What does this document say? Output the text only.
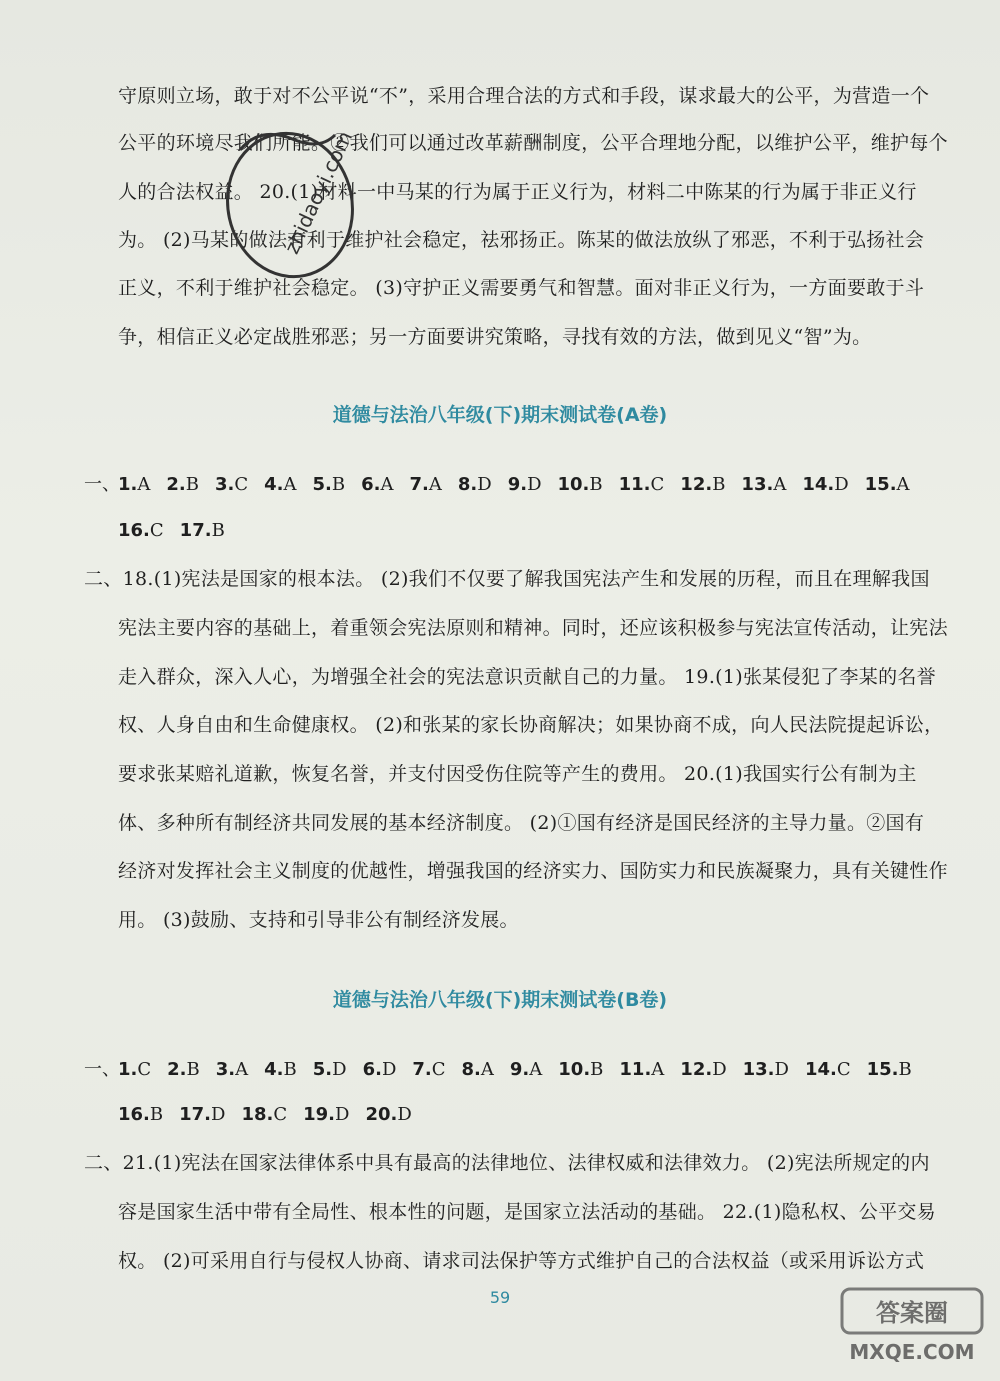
守原则立场，敢于对不公平说“不”，采用合理合法的方式和手段，谋求最大的公平，为营造一个
公平的环境尽我们所能。②我们可以通过改革薪酬制度，公平合理地分配，以维护公平，维护每个
人的合法权益。 20.(1)材料一中马某的行为属于正义行为，材料二中陈某的行为属于非正义行
为。 (2)马某的做法有利于维护社会稳定，祛邪扬正。陈某的做法放纵了邪恶，不利于弘扬社会
正义，不利于维护社会稳定。 (3)守护正义需要勇气和智慧。面对非正义行为，一方面要敢于斗
争，相信正义必定战胜邪恶；另一方面要讲究策略，寻找有效的方法，做到见义“智”为。
道德与法治八年级(下)期末测试卷(A卷)
一、1.A 2.B 3.C 4.A 5.B 6.A 7.A 8.D 9.D 10.B 11.C 12.B 13.A 14.D 15.A
16.C 17.B
二、18.(1)宪法是国家的根本法。 (2)我们不仅要了解我国宪法产生和发展的历程，而且在理解我国
宪法主要内容的基础上，着重领会宪法原则和精神。同时，还应该积极参与宪法宣传活动，让宪法
走入群众，深入人心，为增强全社会的宪法意识贡献自己的力量。 19.(1)张某侵犯了李某的名誉
权、人身自由和生命健康权。 (2)和张某的家长协商解决；如果协商不成，向人民法院提起诉讼，
要求张某赔礼道歉，恢复名誉，并支付因受伤住院等产生的费用。 20.(1)我国实行公有制为主
体、多种所有制经济共同发展的基本经济制度。 (2)①国有经济是国民经济的主导力量。②国有
经济对发挥社会主义制度的优越性，增强我国的经济实力、国防实力和民族凝聚力，具有关键性作
用。 (3)鼓励、支持和引导非公有制经济发展。
道德与法治八年级(下)期末测试卷(B卷)
一、1.C 2.B 3.A 4.B 5.D 6.D 7.C 8.A 9.A 10.B 11.A 12.D 13.D 14.C 15.B
16.B 17.D 18.C 19.D 20.D
二、21.(1)宪法在国家法律体系中具有最高的法律地位、法律权威和法律效力。 (2)宪法所规定的内
容是国家生活中带有全局性、根本性的问题，是国家立法活动的基础。 22.(1)隐私权、公平交易
权。 (2)可采用自行与侵权人协商、请求司法保护等方式维护自己的合法权益（或采用诉讼方式
59
zhidaoyi.com
答案圈
MXQE.COM
